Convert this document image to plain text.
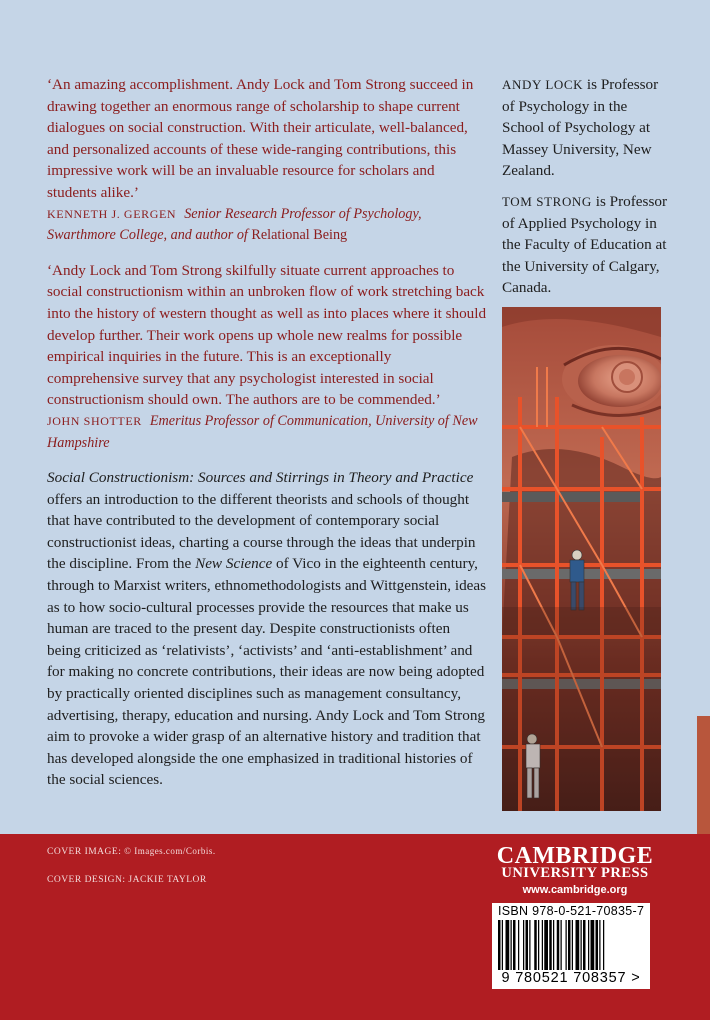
‘An amazing accomplishment. Andy Lock and Tom Strong succeed in drawing together an enormous range of scholarship to shape current dialogues on social construction. With their articulate, well-balanced, and personalized accounts of these wide-ranging contributions, this impressive work will be an invaluable resource for scholars and students alike.’

KENNETH J. GERGEN Senior Research Professor of Psychology, Swarthmore College, and author of Relational Being

‘Andy Lock and Tom Strong skilfully situate current approaches to social constructionism within an unbroken flow of work stretching back into the history of western thought as well as into places where it should develop further. Their work opens up whole new realms for possible empirical inquiries in the future. This is an exceptionally comprehensive survey that any psychologist interested in social constructionism should own. The authors are to be commended.’

JOHN SHOTTER Emeritus Professor of Communication, University of New Hampshire

Social Constructionism: Sources and Stirrings in Theory and Practice offers an introduction to the different theorists and schools of thought that have contributed to the development of contemporary social constructionist ideas, charting a course through the ideas that underpin the discipline. From the New Science of Vico in the eighteenth century, through to Marxist writers, ethnomethodologists and Wittgenstein, ideas as to how socio-cultural processes provide the resources that make us human are traced to the present day. Despite constructionists often being criticized as ‘relativists’, ‘activists’ and ‘anti-establishment’ and for making no concrete contributions, their ideas are now being adopted by practically oriented disciplines such as management consultancy, advertising, therapy, education and nursing. Andy Lock and Tom Strong aim to provoke a wider grasp of an alternative history and tradition that has developed alongside the one emphasized in traditional histories of the social sciences.

ANDY LOCK is Professor of Psychology in the School of Psychology at Massey University, New Zealand.

TOM STRONG is Professor of Applied Psychology in the Faculty of Education at the University of Calgary, Canada.

COVER IMAGE: © Images.com/Corbis.
COVER DESIGN: JACKIE TAYLOR
CAMBRIDGE
UNIVERSITY PRESS
www.cambridge.org
ISBN 978-0-521-70835-7
9 780521 708357 >
